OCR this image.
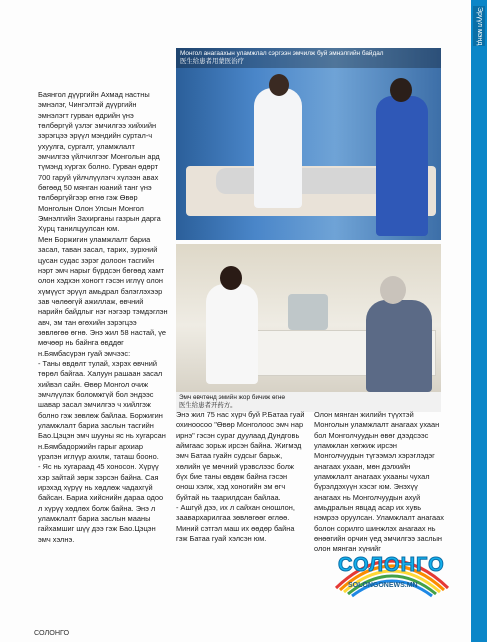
Эрүүл мэнд

Монгол анагаахын уламжлал сэргээн эмчилж буй эмнэлгийн байдал
医生给患者用蒙医治疗

Эмч өвчтөнд эмийн жор бичиж өгнө
医生给患者开药方。

Баянгол дүүргийн Ахмад настны эмнэлэг, Чингэлтэй дүүргийн эмнэлэгт гурван өдрийн үнэ төлбөргүй үзлэг эмчилгээ хийхийн зэрэгцээ эрүүл мэндийн суртал-ч ухуулга, сургалт, уламжлалт эмчилгээ үйлчилгээг Монголын ард түмэнд хүргэх болно. Гурван өдөрт 700 гаруй үйлчлүүлэгч хүлээн авах бөгөөд 50 мянган юаний танг үнэ төлбөргүйгээр өгнө гэж Өвөр Монголын Олон Улсын Монгол Эмнэлгийн Захирганы газрын дарга Хүрц танилцуулсан юм.
Мен Боржигин уламжлалт бариа засал, таван засал, тарих, зурхний цусан судас зэрэг долоон тасгийн нэрт эмч нарыг бүрдсэн бөгөөд хамт олон хэдхэн хоногт гэсэн иглүү олон хүмүүст эрүүл амьдрал бэлэглэхээр зав чөлөөгүй ажиллаж, өвчний нарийн байдлыг нэг нэгээр тэмдэглэн авч, эм тан өгөхийн зэрэгцээ зөвлөгөө өгнө. Энэ жил 58 настай, үе мөчөөр нь байнга өвддөг н.Бямбасүрэн гуай эмчээс:
- Таны өвдөлт тулай, хэрэх өвчний төрөл байгаа. Халуун рашаан засал хийвэл сайн. Өвөр Монгол очиж эмчлүүлэх боломжгүй бол эндээс шавар засал эмчилгээ ч хийлгэж болно гэж зөвлөж байлаа. Боржигин уламжлалт бариа заслын тасгийн Бао.Цэцэн эмч шууны яс нь хугарсан н.Бямбадоржийн гарыг архиар үрэлэн иглүүр ахилж, таташ бооно.
- Яс нь хугараад 45 хоносон. Хүрүү хэр зайтай зөрж зэрсэн байна. Сая ирэхэд хүрүү нь хөдлөж чадахгүй байсан. Бариа хийснийн дараа одоо л хүрүү хөдлөх болж байна. Энэ л уламжлалт бариа заслын мааны гайхамшиг шүү дээ гэж Бао.Цэцэн эмч хэлнэ.

Энэ жил 75 нас хүрч буй Р.Батаа гуай охиноосоо "Өвөр Монголоос эмч нар ирнэ" гэсэн сураг дуулаад Дундговь аймгаас зорьж ирсэн байна. Жигмэд эмч Батаа гуайн судсыг барьж, хөлийн үе мөчний үрэвслээс болж бүх бие таны өвдөж байна гэсэн онош хэлж, хэд хоногийн эм өгч буйтай нь таарилдсан байлаа.
- Ашгүй дээ, их л сайхан оношлон, заавархарилгаа зөвлөгөөг өглөө. Миний сэтгэл маш их өөдөр байна гэж Батаа гуай хэлсэн юм.

Олон мянган жилийн түүхтэй Монголын уламжлалт анагаах ухаан бол Монголчуудын өвөг дээдсээс уламжлан хөгжиж ирсэн Монголчуудын түгээмэл хэрэглэдэг анагаах ухаан, мөн дэлхийн уламжлалт анагаах ухааны чухал бүрэлдэхүүн хэсэг юм. Энэхүү анагаах нь Монголчуудын ахуй амьдралын явцад асар их хувь нэмрээ оруулсан. Уламжлалт анагаах болон сорилго шинжлэх анагаах нь өнөөгийн орчин үед эмчилгээ заслын олон мянган хүнийг

СОЛОНГО
СОЛОНГО
SOLONGONEWS.MN
